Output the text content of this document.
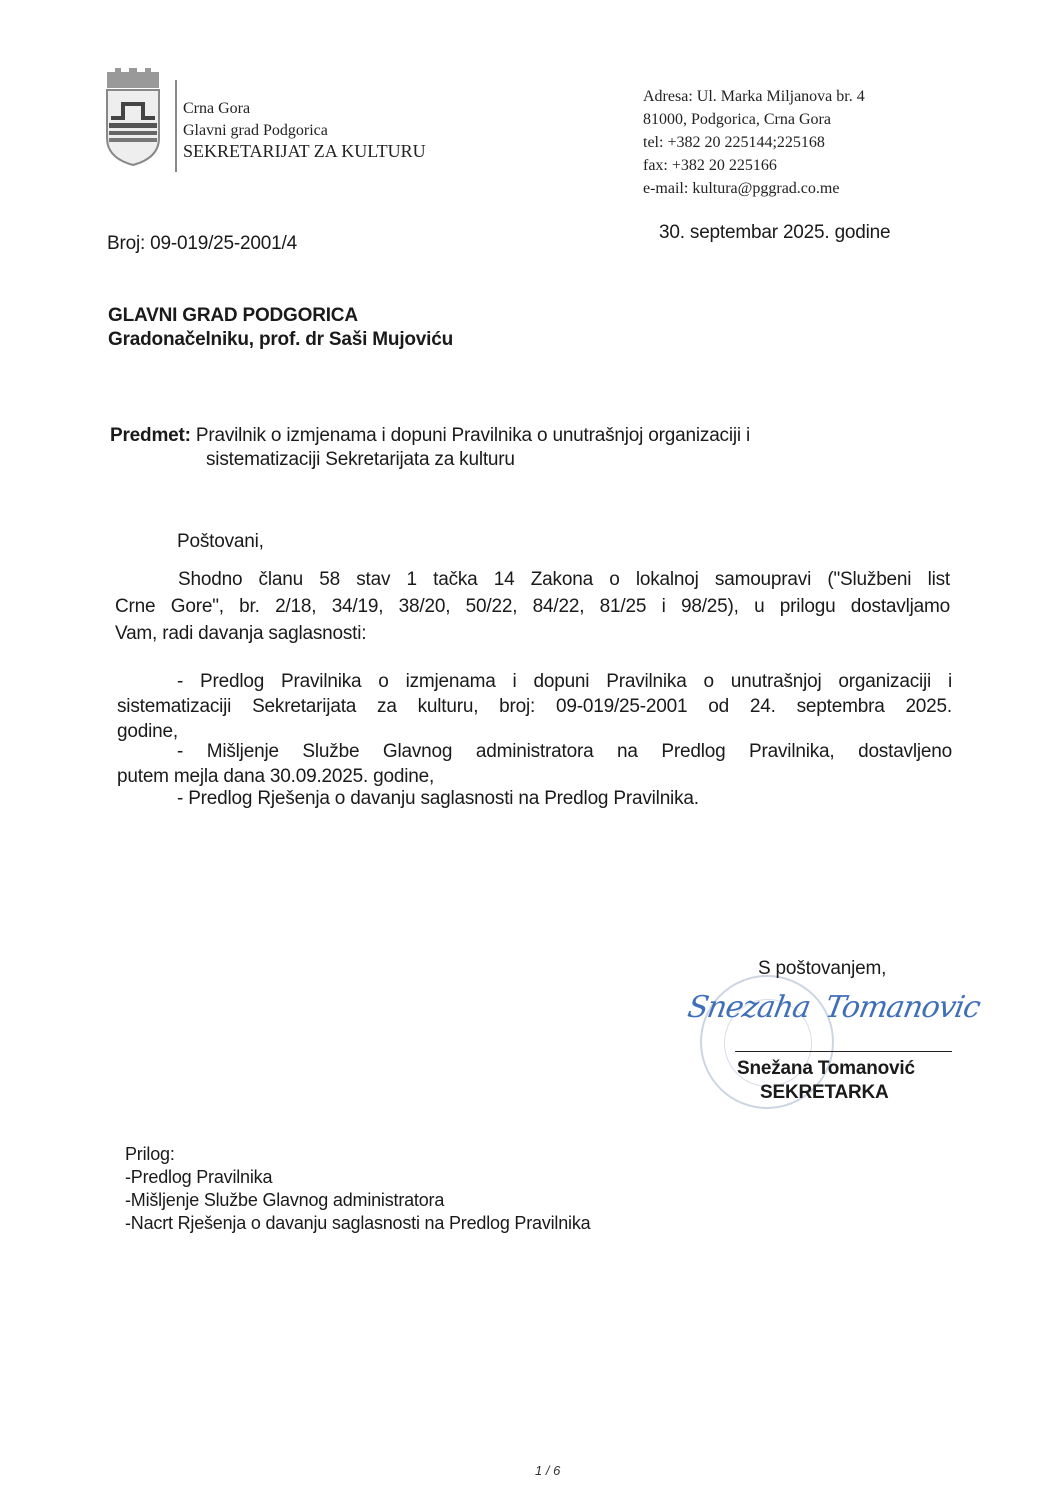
Crna Gora
Glavni grad Podgorica
SEKRETARIJAT ZA KULTURU
Adresa: Ul. Marka Miljanova br. 4
81000, Podgorica, Crna Gora
tel: +382 20 225144;225168
fax: +382 20 225166
e-mail: kultura@pggrad.co.me
Broj: 09-019/25-2001/4
30. septembar 2025. godine
GLAVNI GRAD PODGORICA
Gradonačelniku, prof. dr Saši Mujoviću
Predmet: Pravilnik o izmjenama i dopuni Pravilnika o unutrašnjoj organizaciji i
sistematizaciji Sekretarijata za kulturu
Poštovani,
Shodno članu 58 stav 1 tačka 14 Zakona o lokalnoj samoupravi ("Službeni list
Crne Gore", br. 2/18, 34/19, 38/20, 50/22, 84/22, 81/25 i 98/25), u prilogu dostavljamo
Vam, radi davanja saglasnosti:
- Predlog Pravilnika o izmjenama i dopuni Pravilnika o unutrašnjoj organizaciji i
sistematizaciji Sekretarijata za kulturu, broj: 09-019/25-2001 od 24. septembra 2025.
godine,
- Mišljenje Službe Glavnog administratora na Predlog Pravilnika, dostavljeno
putem mejla dana 30.09.2025. godine,
- Predlog Rješenja o davanju saglasnosti na Predlog Pravilnika.
S poštovanjem,
Snezaha Tomanovic
Snežana Tomanović
SEKRETARKA
Prilog:
-Predlog Pravilnika
-Mišljenje Službe Glavnog administratora
-Nacrt Rješenja o davanju saglasnosti na Predlog Pravilnika
1 / 6
